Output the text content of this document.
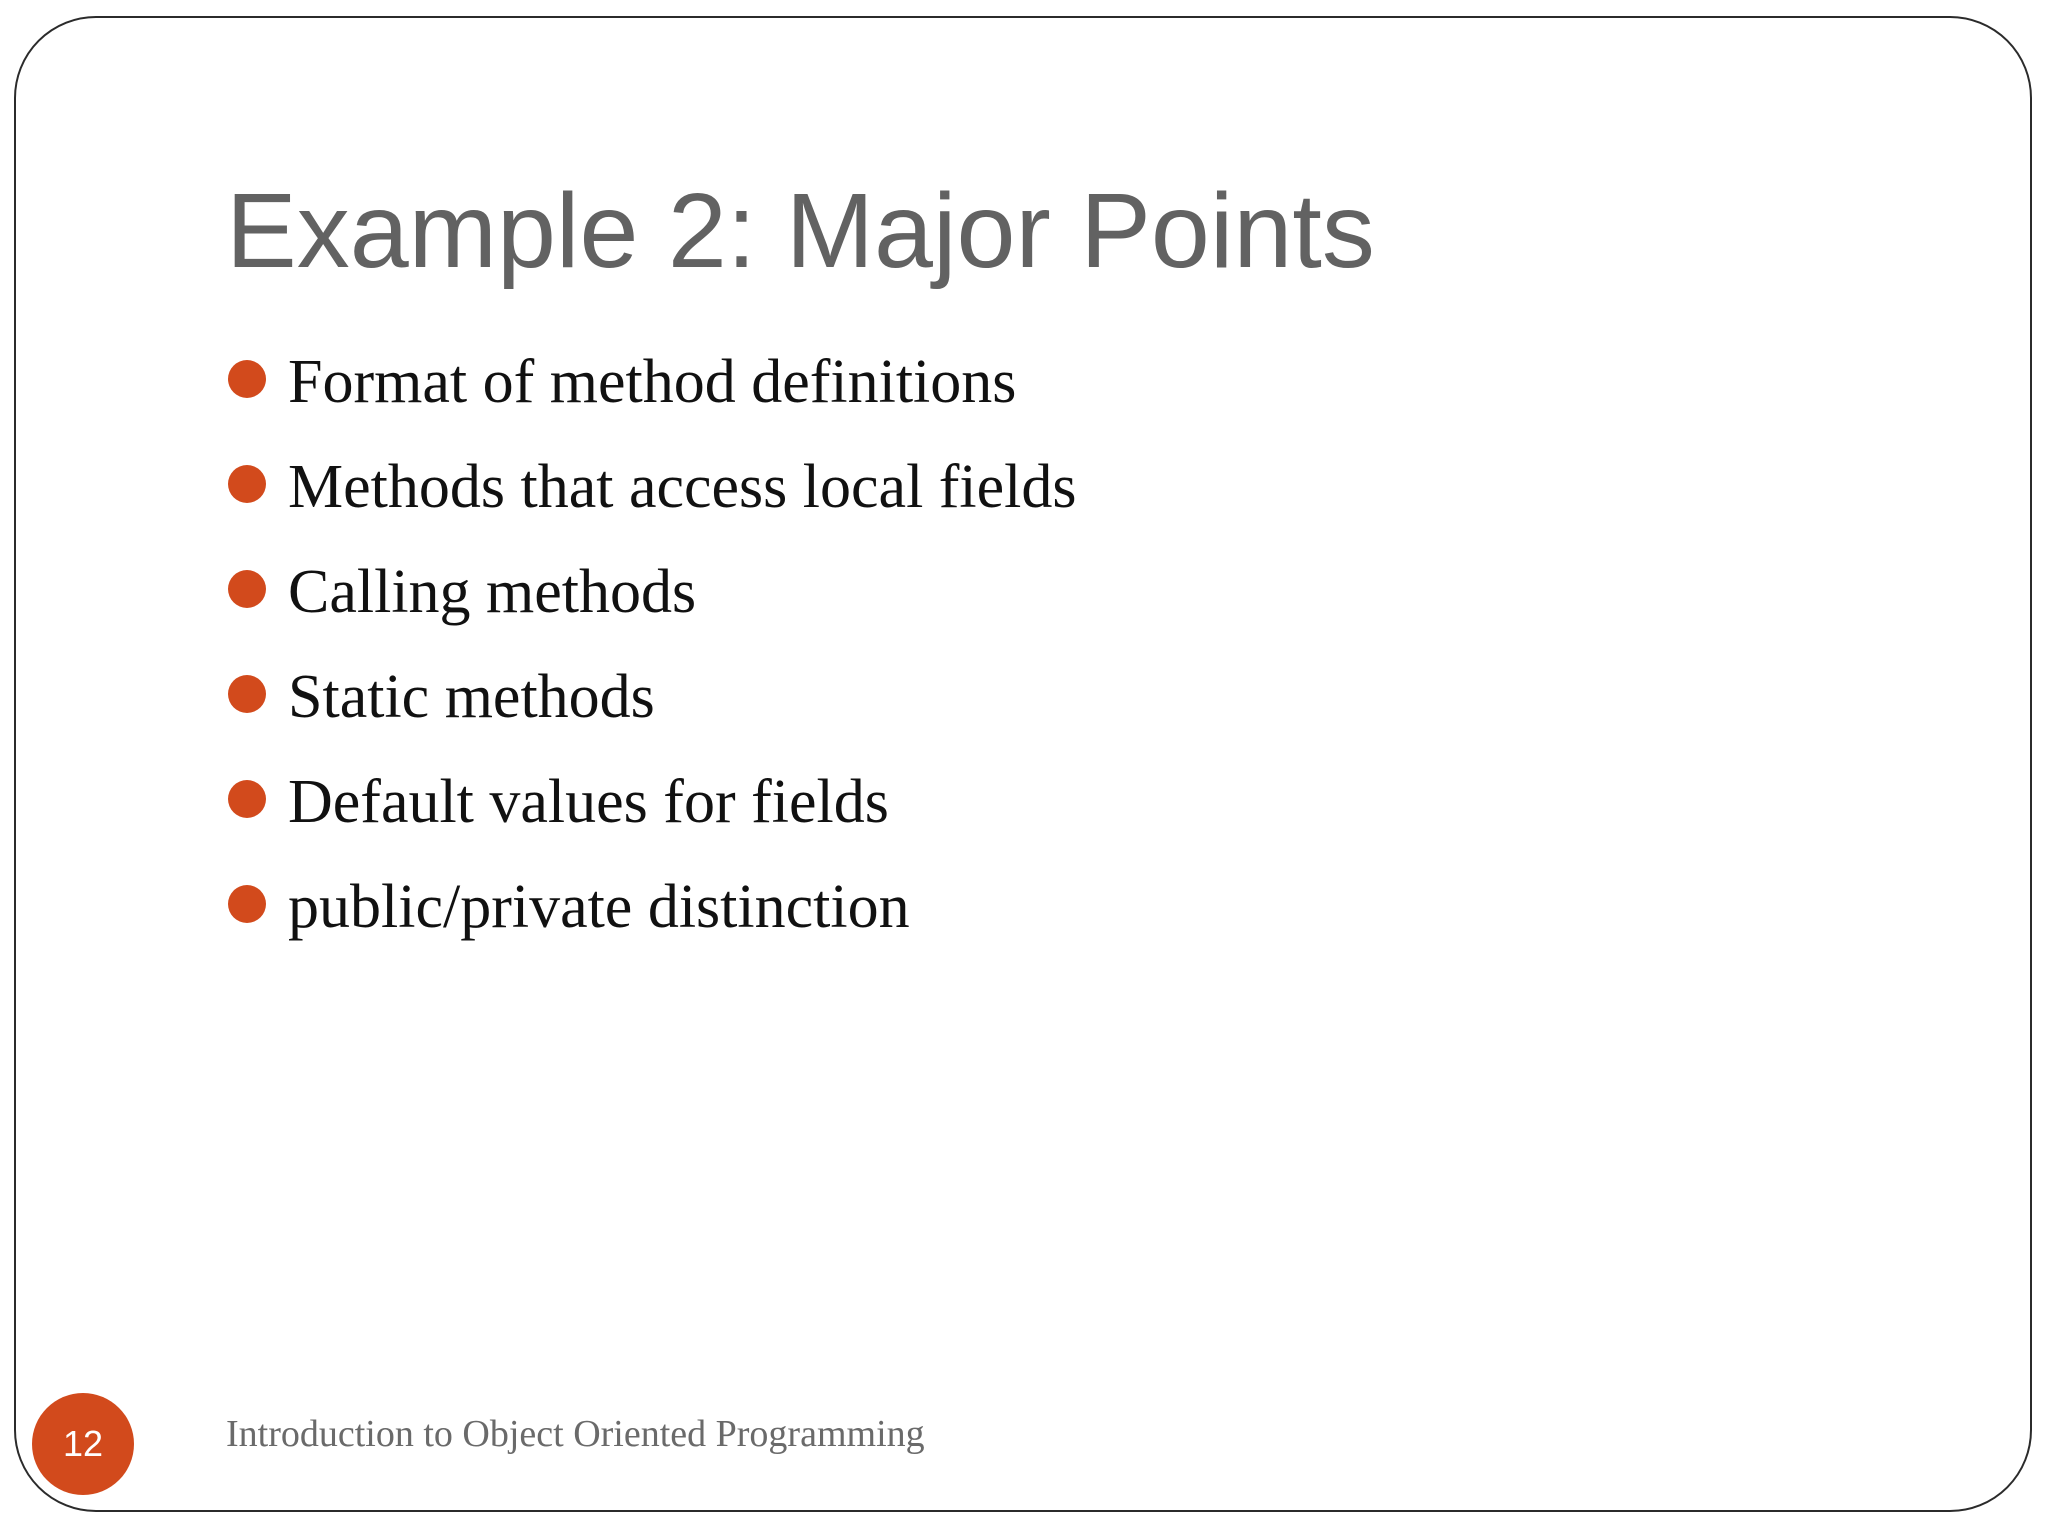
Example 2: Major Points
Format of method definitions
Methods that access local fields
Calling methods
Static methods
Default values for fields
public/private distinction
12	Introduction to Object Oriented Programming
